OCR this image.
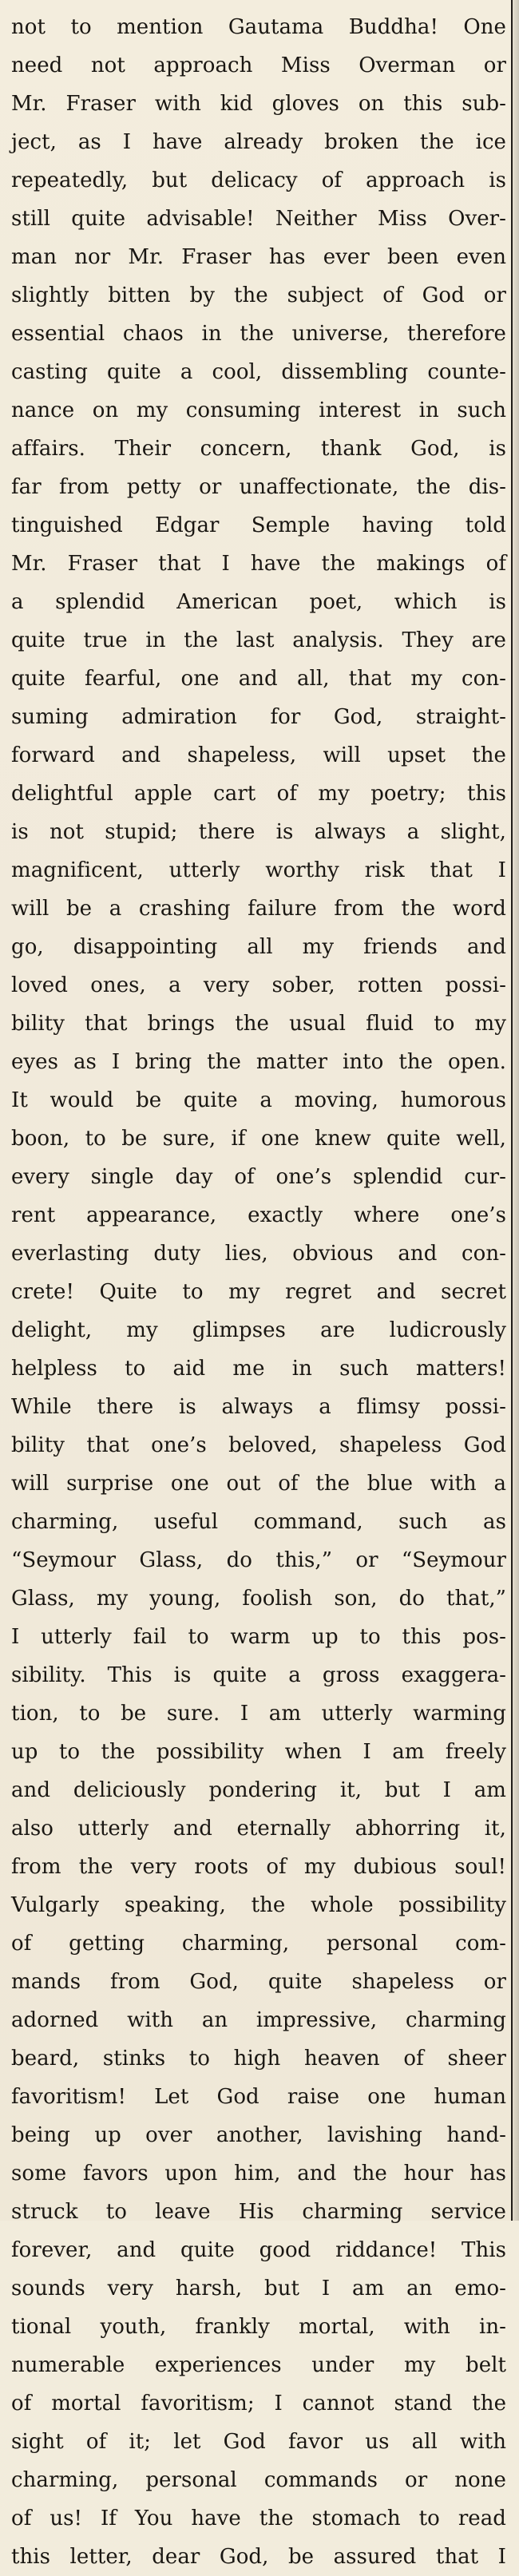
not to mention Gautama Buddha! One
need not approach Miss Overman or
Mr. Fraser with kid gloves on this sub-
ject, as I have already broken the ice
repeatedly, but delicacy of approach is
still quite advisable! Neither Miss Over-
man nor Mr. Fraser has ever been even
slightly bitten by the subject of God or
essential chaos in the universe, therefore
casting quite a cool, dissembling counte-
nance on my consuming interest in such
affairs. Their concern, thank God, is
far from petty or unaffectionate, the dis-
tinguished Edgar Semple having told
Mr. Fraser that I have the makings of
a splendid American poet, which is
quite true in the last analysis. They are
quite fearful, one and all, that my con-
suming admiration for God, straight-
forward and shapeless, will upset the
delightful apple cart of my poetry; this
is not stupid; there is always a slight,
magnificent, utterly worthy risk that I
will be a crashing failure from the word
go, disappointing all my friends and
loved ones, a very sober, rotten possi-
bility that brings the usual fluid to my
eyes as I bring the matter into the open.
It would be quite a moving, humorous
boon, to be sure, if one knew quite well,
every single day of one’s splendid cur-
rent appearance, exactly where one’s
everlasting duty lies, obvious and con-
crete! Quite to my regret and secret
delight, my glimpses are ludicrously
helpless to aid me in such matters!
While there is always a flimsy possi-
bility that one’s beloved, shapeless God
will surprise one out of the blue with a
charming, useful command, such as
“Seymour Glass, do this,” or “Seymour
Glass, my young, foolish son, do that,”
I utterly fail to warm up to this pos-
sibility. This is quite a gross exaggera-
tion, to be sure. I am utterly warming
up to the possibility when I am freely
and deliciously pondering it, but I am
also utterly and eternally abhorring it,
from the very roots of my dubious soul!
Vulgarly speaking, the whole possibility
of getting charming, personal com-
mands from God, quite shapeless or
adorned with an impressive, charming
beard, stinks to high heaven of sheer
favoritism! Let God raise one human
being up over another, lavishing hand-
some favors upon him, and the hour has
struck to leave His charming service
forever, and quite good riddance! This
sounds very harsh, but I am an emo-
tional youth, frankly mortal, with in-
numerable experiences under my belt
of mortal favoritism; I cannot stand the
sight of it; let God favor us all with
charming, personal commands or none
of us! If You have the stomach to read
this letter, dear God, be assured that I
